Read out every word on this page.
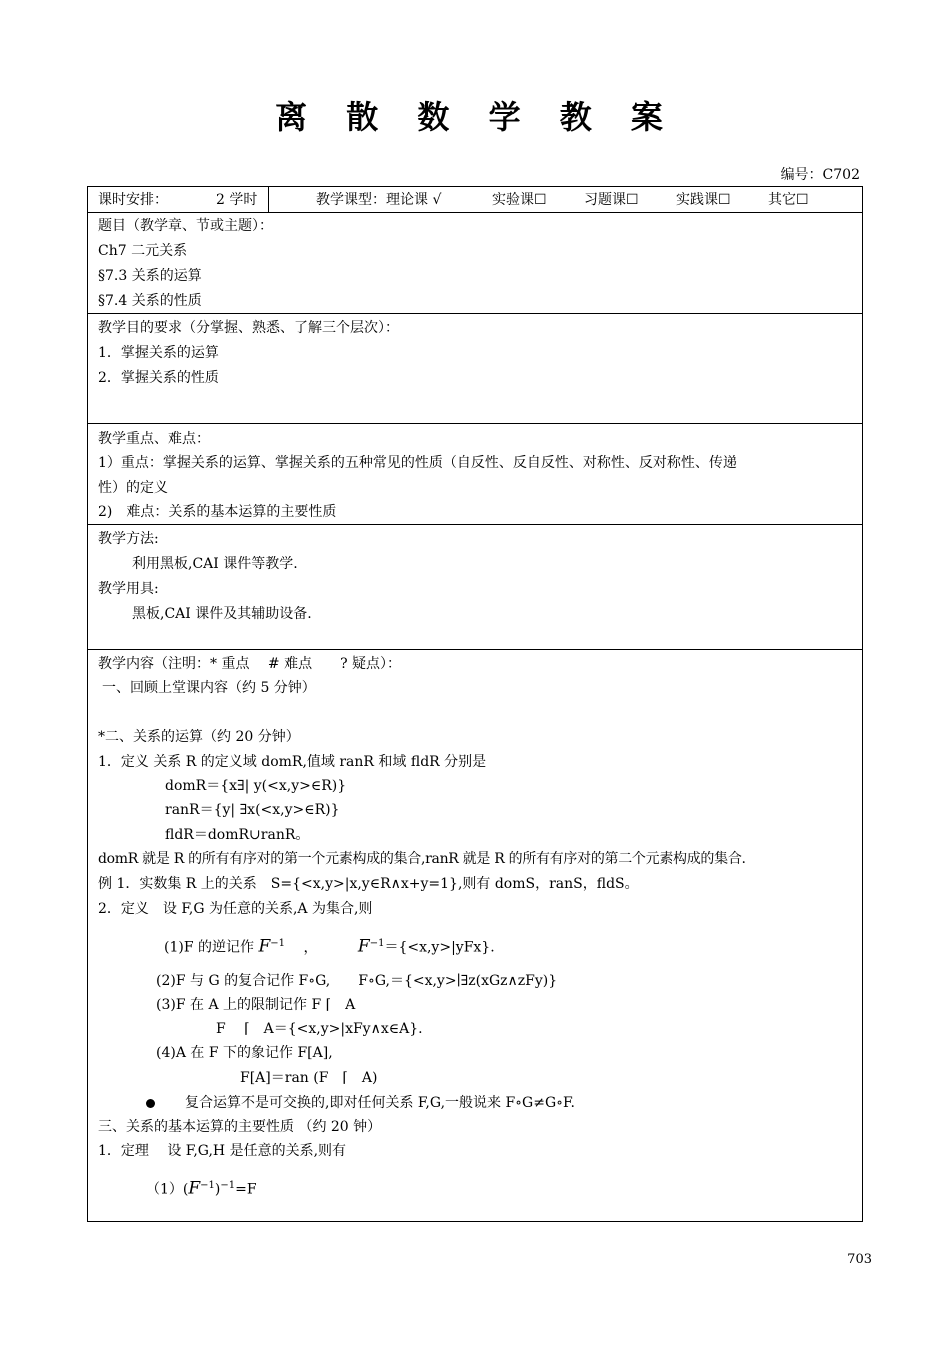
离 散 数 学 教 案
编号：C702
课时安排：	2 学时	教学课型：理论课 √	实验课☐	习题课☐	实践课☐	其它☐
题目（教学章、节或主题）：
Ch7 二元关系
§7.3 关系的运算
§7.4 关系的性质
教学目的要求（分掌握、熟悉、了解三个层次）：
1．掌握关系的运算
2．掌握关系的性质
教学重点、难点：
1）重点：掌握关系的运算、掌握关系的五种常见的性质（自反性、反自反性、对称性、反对称性、传递
性）的定义
2)　难点：关系的基本运算的主要性质
教学方法:
利用黑板,CAI 课件等教学.
教学用具:
黑板,CAI 课件及其辅助设备.
教学内容（注明：* 重点　 # 难点　　? 疑点）：
一、回顾上堂课内容（约 5 分钟）
*二、关系的运算（约 20 分钟）
1．定义 关系 R 的定义域 domR,值域 ranR 和域 fldR 分别是
domR＝{x∃| y(<x,y>∈R)}
ranR＝{y| ∃x(<x,y>∈R)}
fldR＝domR∪ranR。
domR 就是 R 的所有有序对的第一个元素构成的集合,ranR 就是 R 的所有有序对的第二个元素构成的集合.
例 1．实数集 R 上的关系　S={<x,y>|x,y∈R∧x+y=1},则有 domS，ranS，fldS。
2．定义　设 F,G 为任意的关系,A 为集合,则
(1)F 的逆记作 $F^{-1}$ ， $F^{-1}=\{<x,y>|yFx\}$.
(2)F 与 G 的复合记作 F∘G,　　F∘G,＝{<x,y>∣∃z(xGz∧zFy)}
(3)F 在 A 上的限制记作 F ⌈　A
F　 ⌈　A＝{<x,y>|xFy∧x∈A}.
(4)A 在 F 下的象记作 F[A],
F[A]＝ran (F　⌈　A)
复合运算不是可交换的,即对任何关系 F,G,一般说来 F∘G≠G∘F.
三、关系的基本运算的主要性质 （约 20 钟）
1．定理　 设 F,G,H 是任意的关系,则有
$(1)(F^{-1})^{-1}=F$
703
